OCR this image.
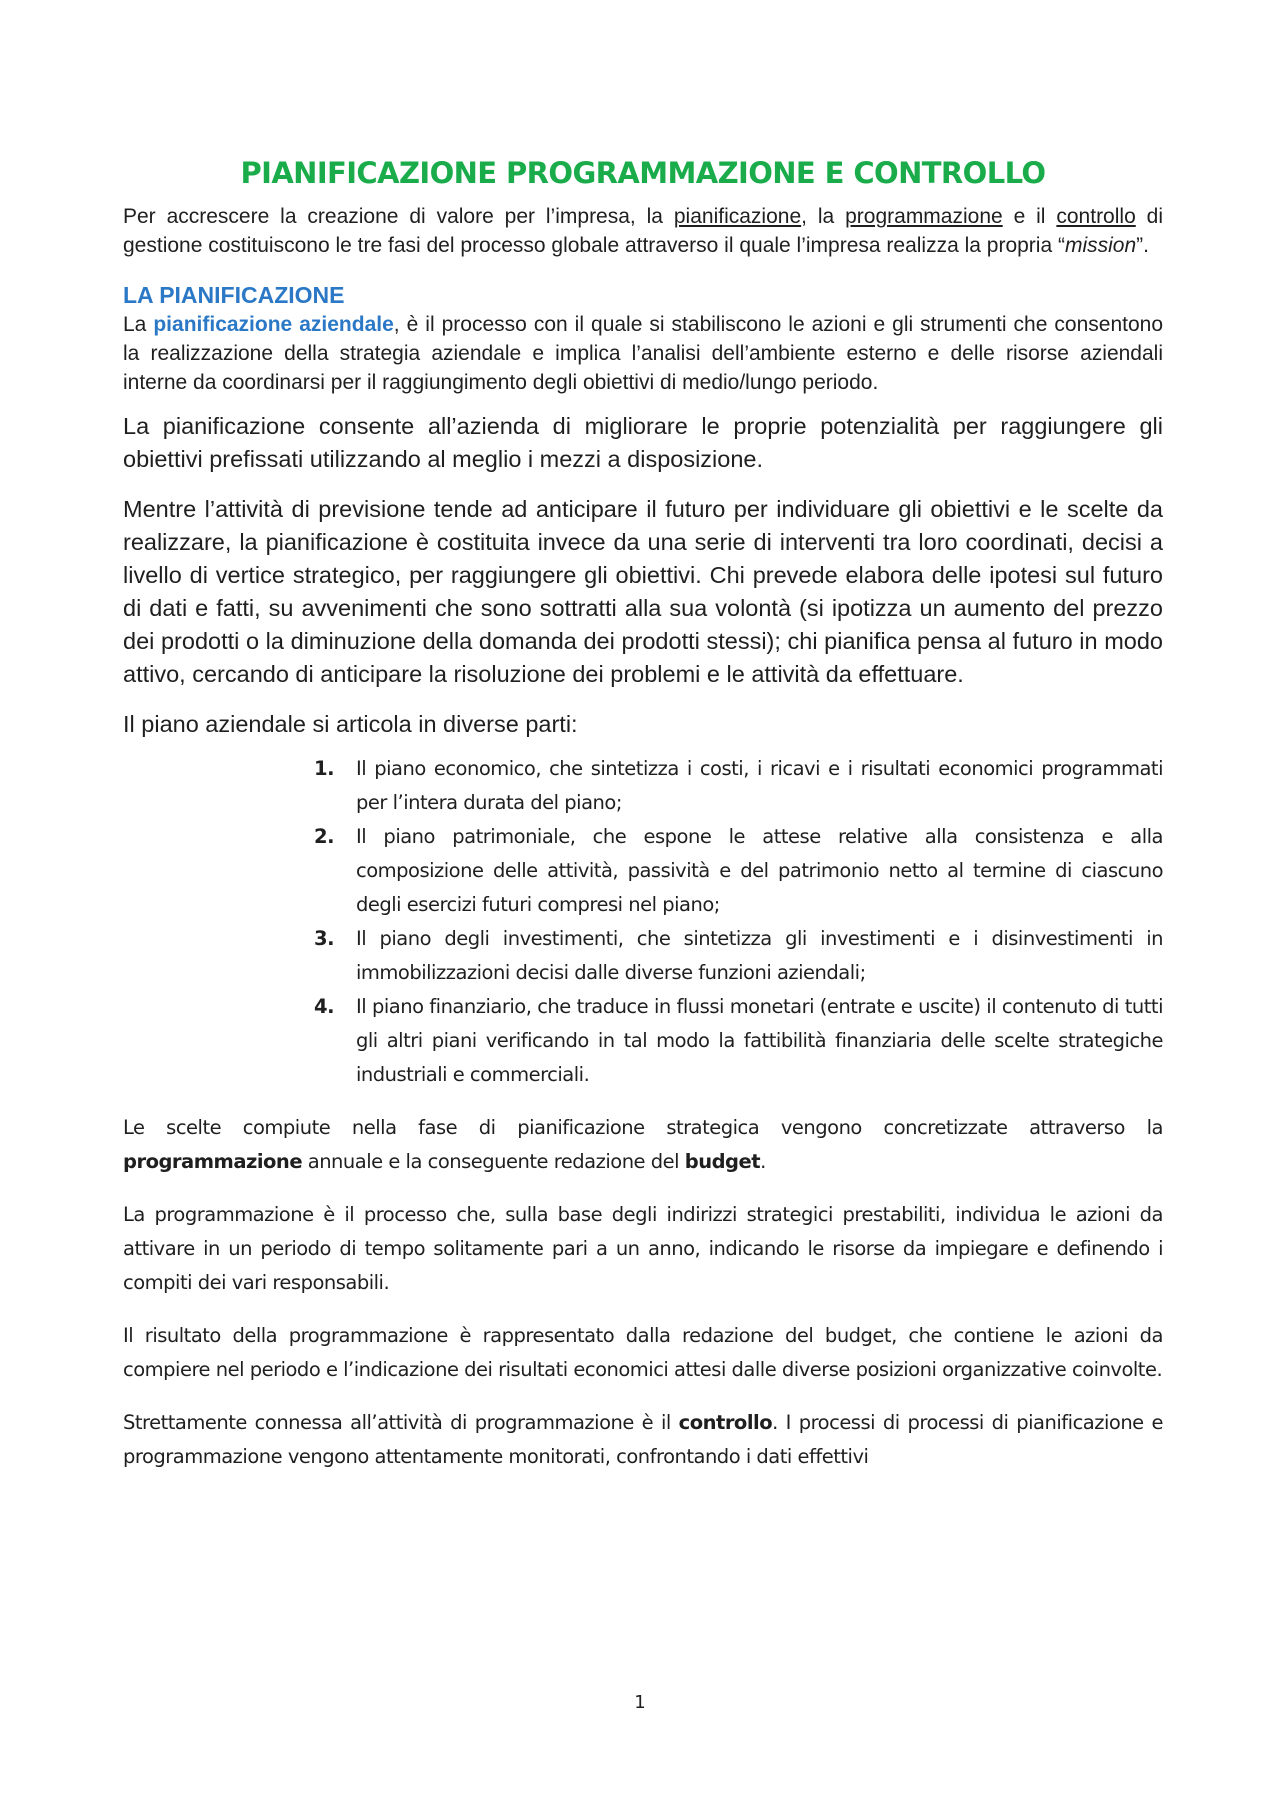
PIANIFICAZIONE PROGRAMMAZIONE E CONTROLLO

Per accrescere la creazione di valore per l’impresa, la pianificazione, la programmazione e il controllo di gestione costituiscono le tre fasi del processo globale attraverso il quale l’impresa realizza la propria “mission”.

LA PIANIFICAZIONE

La pianificazione aziendale, è il processo con il quale si stabiliscono le azioni e gli strumenti che consentono la realizzazione della strategia aziendale e implica l’analisi dell’ambiente esterno e delle risorse aziendali interne da coordinarsi per il raggiungimento degli obiettivi di medio/lungo periodo.

La pianificazione consente all’azienda di migliorare le proprie potenzialità per raggiungere gli obiettivi prefissati utilizzando al meglio i mezzi a disposizione.

Mentre l’attività di previsione tende ad anticipare il futuro per individuare gli obiettivi e le scelte da realizzare, la pianificazione è costituita invece da una serie di interventi tra loro coordinati, decisi a livello di vertice strategico, per raggiungere gli obiettivi. Chi prevede elabora delle ipotesi sul futuro di dati e fatti, su avvenimenti che sono sottratti alla sua volontà (si ipotizza un aumento del prezzo dei prodotti o la diminuzione della domanda dei prodotti stessi); chi pianifica pensa al futuro in modo attivo, cercando di anticipare la risoluzione dei problemi e le attività da effettuare.

Il piano aziendale si articola in diverse parti:

1. Il piano economico, che sintetizza i costi, i ricavi e i risultati economici programmati per l’intera durata del piano;
2. Il piano patrimoniale, che espone le attese relative alla consistenza e alla composizione delle attività, passività e del patrimonio netto al termine di ciascuno degli esercizi futuri compresi nel piano;
3. Il piano degli investimenti, che sintetizza gli investimenti e i disinvestimenti in immobilizzazioni decisi dalle diverse funzioni aziendali;
4. Il piano finanziario, che traduce in flussi monetari (entrate e uscite) il contenuto di tutti gli altri piani verificando in tal modo la fattibilità finanziaria delle scelte strategiche industriali e commerciali.

Le scelte compiute nella fase di pianificazione strategica vengono concretizzate attraverso la programmazione annuale e la conseguente redazione del budget.

La programmazione è il processo che, sulla base degli indirizzi strategici prestabiliti, individua le azioni da attivare in un periodo di tempo solitamente pari a un anno, indicando le risorse da impiegare e definendo i compiti dei vari responsabili.

Il risultato della programmazione è rappresentato dalla redazione del budget, che contiene le azioni da compiere nel periodo e l’indicazione dei risultati economici attesi dalle diverse posizioni organizzative coinvolte.

Strettamente connessa all’attività di programmazione è il controllo. I processi di processi di pianificazione e programmazione vengono attentamente monitorati, confrontando i dati effettivi

1
